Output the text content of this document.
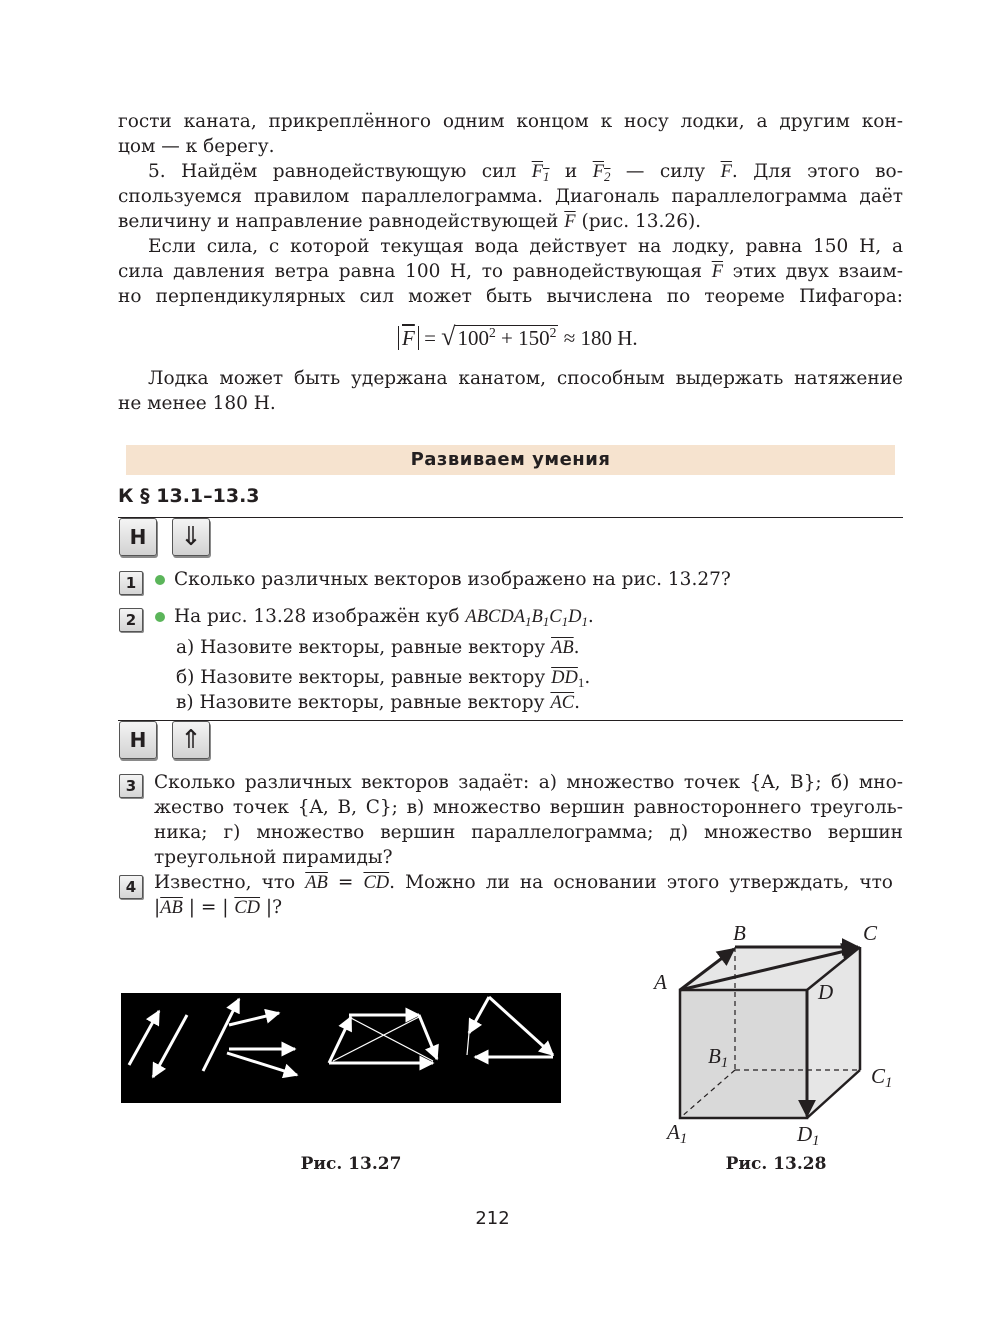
гости каната, прикреплённого одним концом к носу лодки, а другим кон-
цом — к берегу.
5. Найдём равнодействующую сил $F_1$ и $F_2$ — силу $\overline{F}$. Для этого во-
спользуемся правилом параллелограмма. Диагональ параллелограмма даёт
величину и направление равнодействующей $\overline{F}$ (рис. 13.26).
Если сила, с которой текущая вода действует на лодку, равна 150 Н, а
сила давления ветра равна 100 Н, то равнодействующая $\overline{F}$ этих двух взаим-
но перпендикулярных сил может быть вычислена по теореме Пифагора:
$\overline{F} = √100^2 + 150^2 \approx 180$ Н.
Лодка может быть удержана канатом, способным выдержать натяжение
не менее 180 Н.
Развиваем умения
К § 13.1–13.3
Н	⇓
1	Сколько различных векторов изображено на рис. 13.27?
2	На рис. 13.28 изображён куб $ABCDA_1B_1C_1D_1$.
а) Назовите векторы, равные вектору $\overline{AB}$.
б) Назовите векторы, равные вектору $\overline{DD}_1$.
в) Назовите векторы, равные вектору $\overline{AC}$.
Н	⇑
3 Сколько различных векторов задаёт: а) множество точек {A, B}; б) мно-
жество точек {A, B, C}; в) множество вершин равностороннего треуголь-
ника; г) множество вершин параллелограмма; д) множество вершин
треугольной пирамиды?
4 Известно, что $\overline{AB} = \overline{CD}$. Можно ли на основании этого утверждать, что
$|\overline{AB}$ | = | $\overline{CD}$ |?
Рис. 13.27
B	C
A	D
$B_1$
$C_1$
$A_1$	$D_1$
Рис. 13.28
212
